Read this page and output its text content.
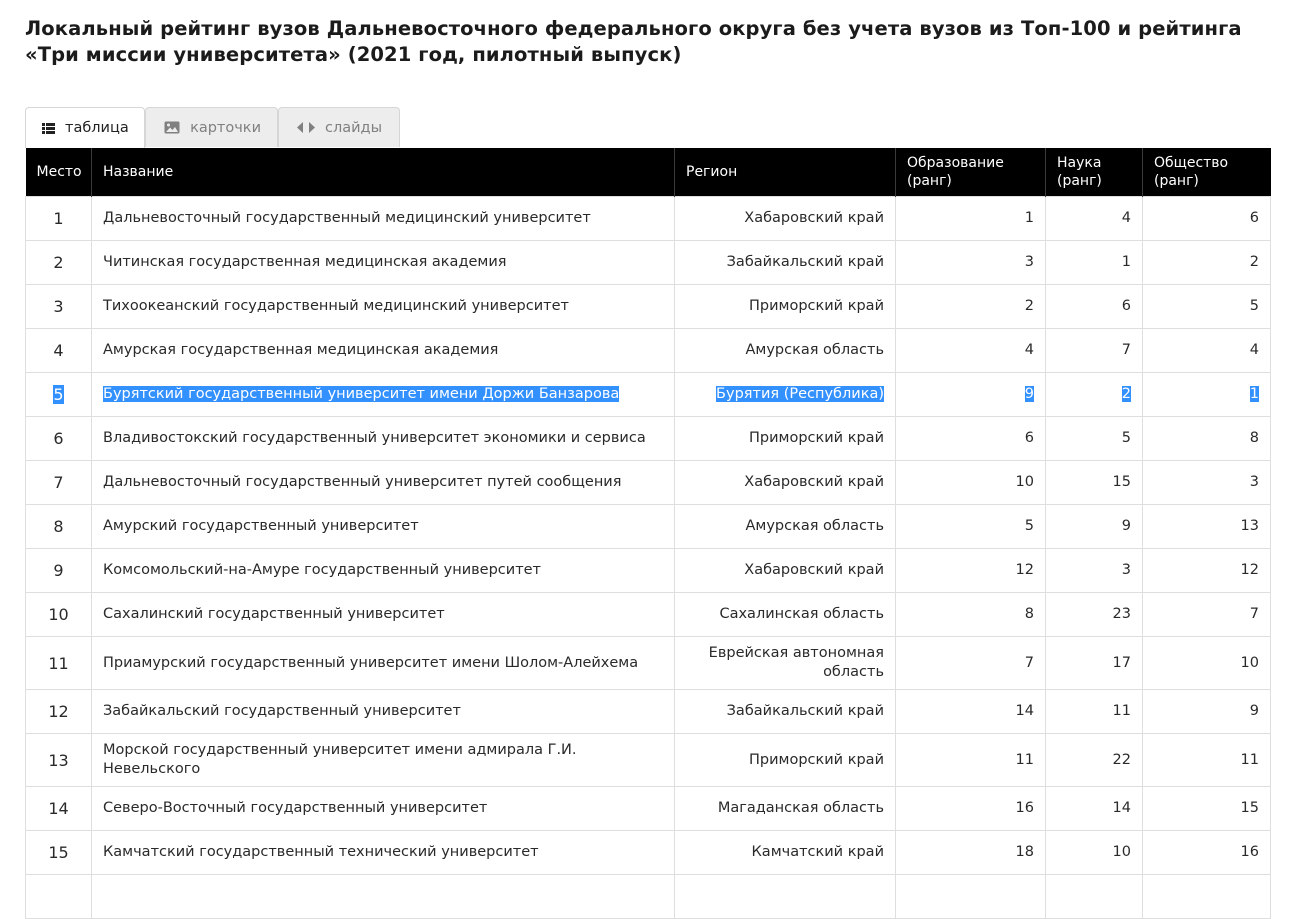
Локальный рейтинг вузов Дальневосточного федерального округа без учета вузов из Топ-100 и рейтинга «Три миссии университета» (2021 год, пилотный выпуск)
таблица	карточки	слайды
Место	Название	Регион	Образование (ранг)	Наука (ранг)	Общество (ранг)
1	Дальневосточный государственный медицинский университет	Хабаровский край	1	4	6
2	Читинская государственная медицинская академия	Забайкальский край	3	1	2
3	Тихоокеанский государственный медицинский университет	Приморский край	2	6	5
4	Амурская государственная медицинская академия	Амурская область	4	7	4
5	Бурятский государственный университет имени Доржи Банзарова	Бурятия (Республика)	9	2	1
6	Владивостокский государственный университет экономики и сервиса	Приморский край	6	5	8
7	Дальневосточный государственный университет путей сообщения	Хабаровский край	10	15	3
8	Амурский государственный университет	Амурская область	5	9	13
9	Комсомольский-на-Амуре государственный университет	Хабаровский край	12	3	12
10	Сахалинский государственный университет	Сахалинская область	8	23	7
11	Приамурский государственный университет имени Шолом-Алейхема	Еврейская автономная область	7	17	10
12	Забайкальский государственный университет	Забайкальский край	14	11	9
13	Морской государственный университет имени адмирала Г.И. Невельского	Приморский край	11	22	11
14	Северо-Восточный государственный университет	Магаданская область	16	14	15
15	Камчатский государственный технический университет	Камчатский край	18	10	16
